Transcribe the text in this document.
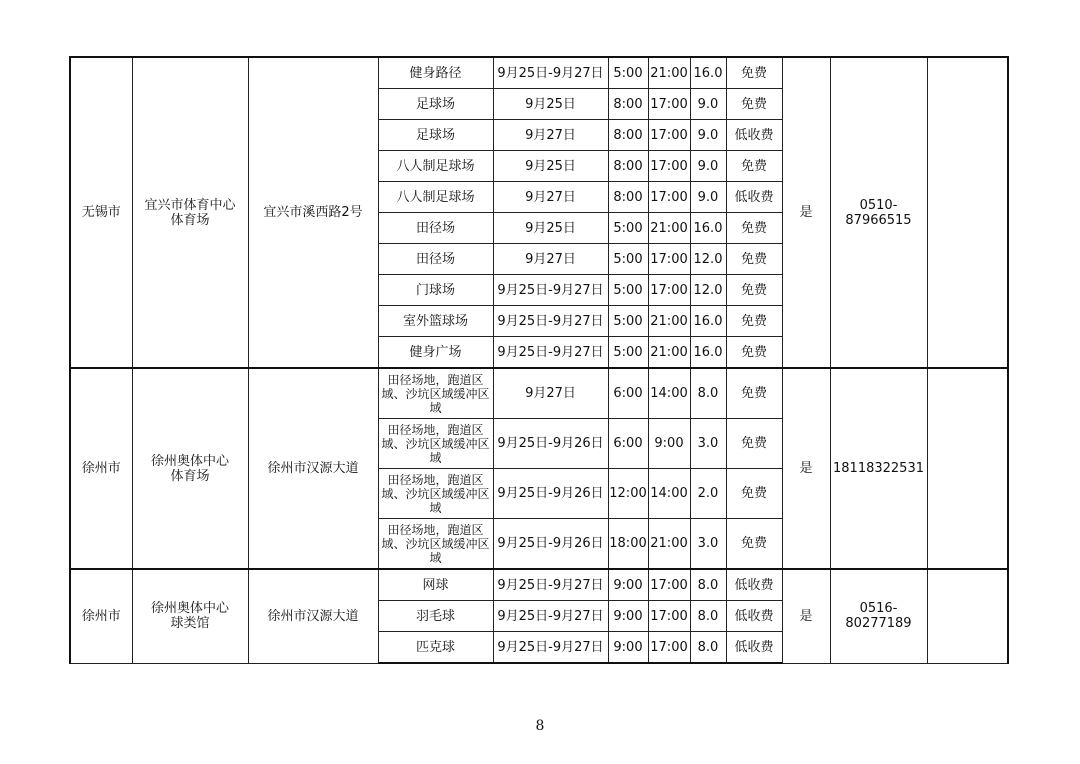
无锡市	宜兴市体育中心
体育场	宜兴市溪西路2号	健身路径	9月25日-9月27日	5:00	21:00	16.0	免费	是	0510-
87966515	
			足球场	9月25日	8:00	17:00	9.0	免费			
			足球场	9月27日	8:00	17:00	9.0	低收费			
			八人制足球场	9月25日	8:00	17:00	9.0	免费			
			八人制足球场	9月27日	8:00	17:00	9.0	低收费			
			田径场	9月25日	5:00	21:00	16.0	免费			
			田径场	9月27日	5:00	17:00	12.0	免费			
			门球场	9月25日-9月27日	5:00	17:00	12.0	免费			
			室外篮球场	9月25日-9月27日	5:00	21:00	16.0	免费			
			健身广场	9月25日-9月27日	5:00	21:00	16.0	免费			
徐州市	徐州奥体中心
体育场	徐州市汉源大道	田径场地，跑道区域、沙坑区域缓冲区域	9月27日	6:00	14:00	8.0	免费	是	18118322531	
			田径场地，跑道区域、沙坑区域缓冲区域	9月25日-9月26日	6:00	9:00	3.0	免费			
			田径场地，跑道区域、沙坑区域缓冲区域	9月25日-9月26日	12:00	14:00	2.0	免费			
			田径场地，跑道区域、沙坑区域缓冲区域	9月25日-9月26日	18:00	21:00	3.0	免费			
徐州市	徐州奥体中心
球类馆	徐州市汉源大道	网球	9月25日-9月27日	9:00	17:00	8.0	低收费	是	0516-
80277189	
			羽毛球	9月25日-9月27日	9:00	17:00	8.0	低收费			
			匹克球	9月25日-9月27日	9:00	17:00	8.0	低收费			
8
